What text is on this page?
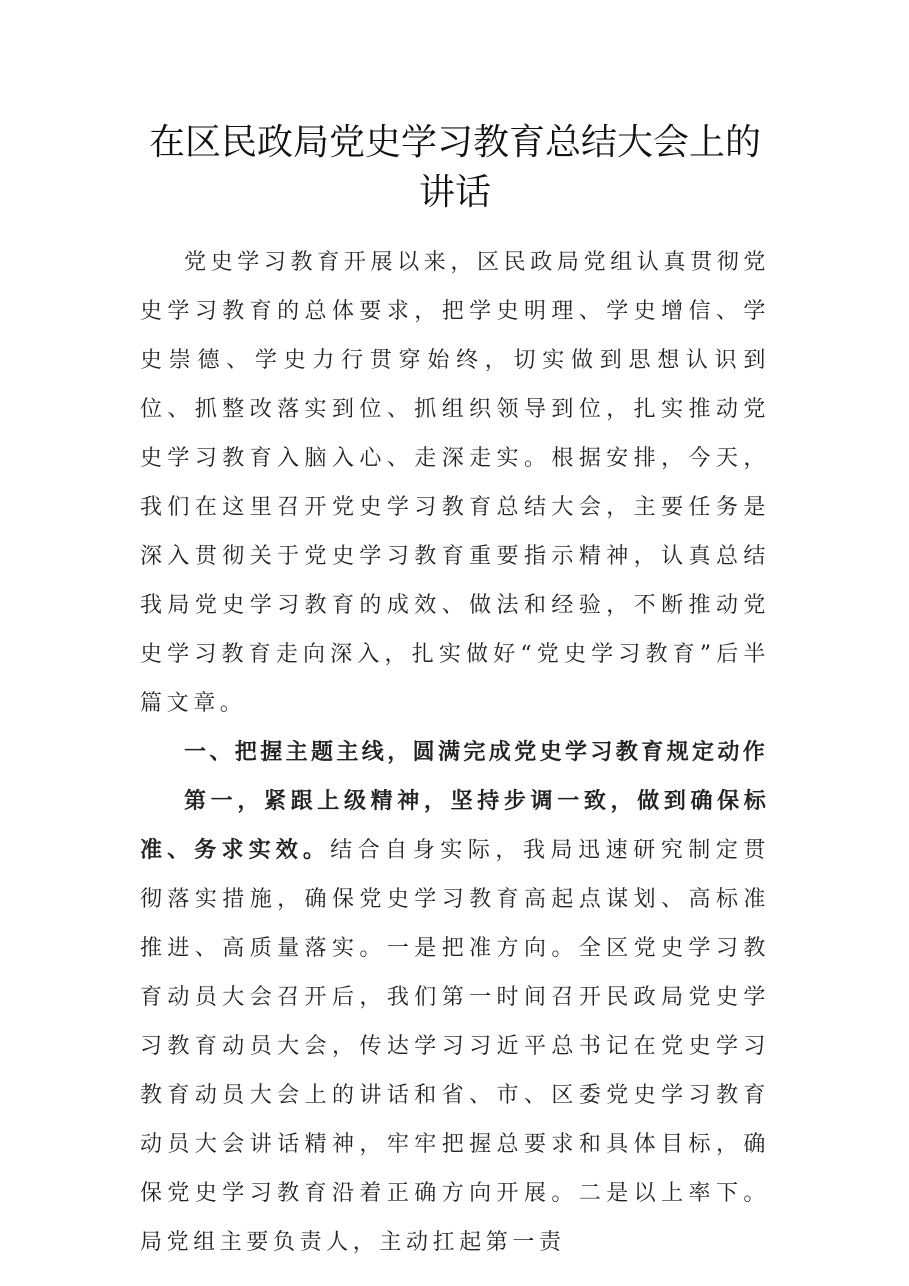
在区民政局党史学习教育总结大会上的讲话

党史学习教育开展以来，区民政局党组认真贯彻党史学习教育的总体要求，把学史明理、学史增信、学史崇德、学史力行贯穿始终，切实做到思想认识到位、抓整改落实到位、抓组织领导到位，扎实推动党史学习教育入脑入心、走深走实。根据安排，今天，我们在这里召开党史学习教育总结大会，主要任务是深入贯彻关于党史学习教育重要指示精神，认真总结我局党史学习教育的成效、做法和经验，不断推动党史学习教育走向深入，扎实做好“党史学习教育”后半篇文章。

一、把握主题主线，圆满完成党史学习教育规定动作

第一，紧跟上级精神，坚持步调一致，做到确保标准、务求实效。结合自身实际，我局迅速研究制定贯彻落实措施，确保党史学习教育高起点谋划、高标准推进、高质量落实。一是把准方向。全区党史学习教育动员大会召开后，我们第一时间召开民政局党史学习教育动员大会，传达学习习近平总书记在党史学习教育动员大会上的讲话和省、市、区委党史学习教育动员大会讲话精神，牢牢把握总要求和具体目标，确保党史学习教育沿着正确方向开展。二是以上率下。局党组主要负责人，主动扛起第一责
